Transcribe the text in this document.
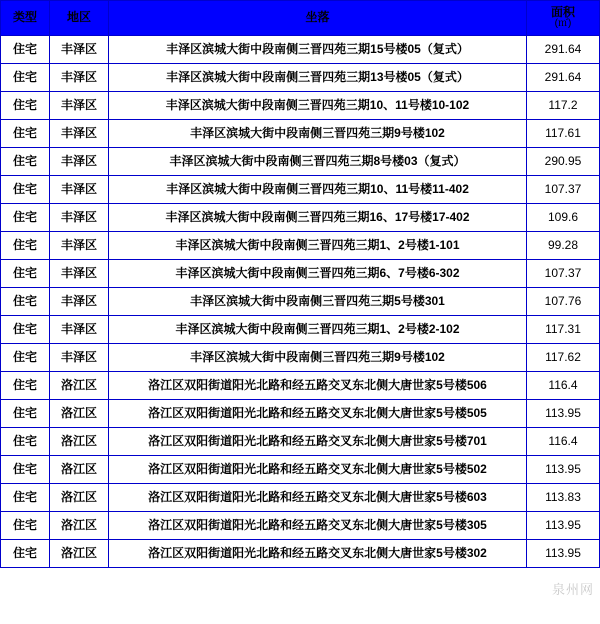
类型	地区	坐落	面积
(㎡)

住宅	丰泽区	丰泽区滨城大街中段南侧三晋四苑三期15号楼05（复式）	291.64
住宅	丰泽区	丰泽区滨城大街中段南侧三晋四苑三期13号楼05（复式）	291.64
住宅	丰泽区	丰泽区滨城大街中段南侧三晋四苑三期10、11号楼10-102	117.2
住宅	丰泽区	丰泽区滨城大街中段南侧三晋四苑三期9号楼102	117.61
住宅	丰泽区	丰泽区滨城大街中段南侧三晋四苑三期8号楼03（复式）	290.95
住宅	丰泽区	丰泽区滨城大街中段南侧三晋四苑三期10、11号楼11-402	107.37
住宅	丰泽区	丰泽区滨城大街中段南侧三晋四苑三期16、17号楼17-402	109.6
住宅	丰泽区	丰泽区滨城大街中段南侧三晋四苑三期1、2号楼1-101	99.28
住宅	丰泽区	丰泽区滨城大街中段南侧三晋四苑三期6、7号楼6-302	107.37
住宅	丰泽区	丰泽区滨城大街中段南侧三晋四苑三期5号楼301	107.76
住宅	丰泽区	丰泽区滨城大街中段南侧三晋四苑三期1、2号楼2-102	117.31
住宅	丰泽区	丰泽区滨城大街中段南侧三晋四苑三期9号楼102	117.62
住宅	洛江区	洛江区双阳街道阳光北路和经五路交叉东北侧大唐世家5号楼506	116.4
住宅	洛江区	洛江区双阳街道阳光北路和经五路交叉东北侧大唐世家5号楼505	113.95
住宅	洛江区	洛江区双阳街道阳光北路和经五路交叉东北侧大唐世家5号楼701	116.4
住宅	洛江区	洛江区双阳街道阳光北路和经五路交叉东北侧大唐世家5号楼502	113.95
住宅	洛江区	洛江区双阳街道阳光北路和经五路交叉东北侧大唐世家5号楼603	113.83
住宅	洛江区	洛江区双阳街道阳光北路和经五路交叉东北侧大唐世家5号楼305	113.95
住宅	洛江区	洛江区双阳街道阳光北路和经五路交叉东北侧大唐世家5号楼302	113.95
泉州网
